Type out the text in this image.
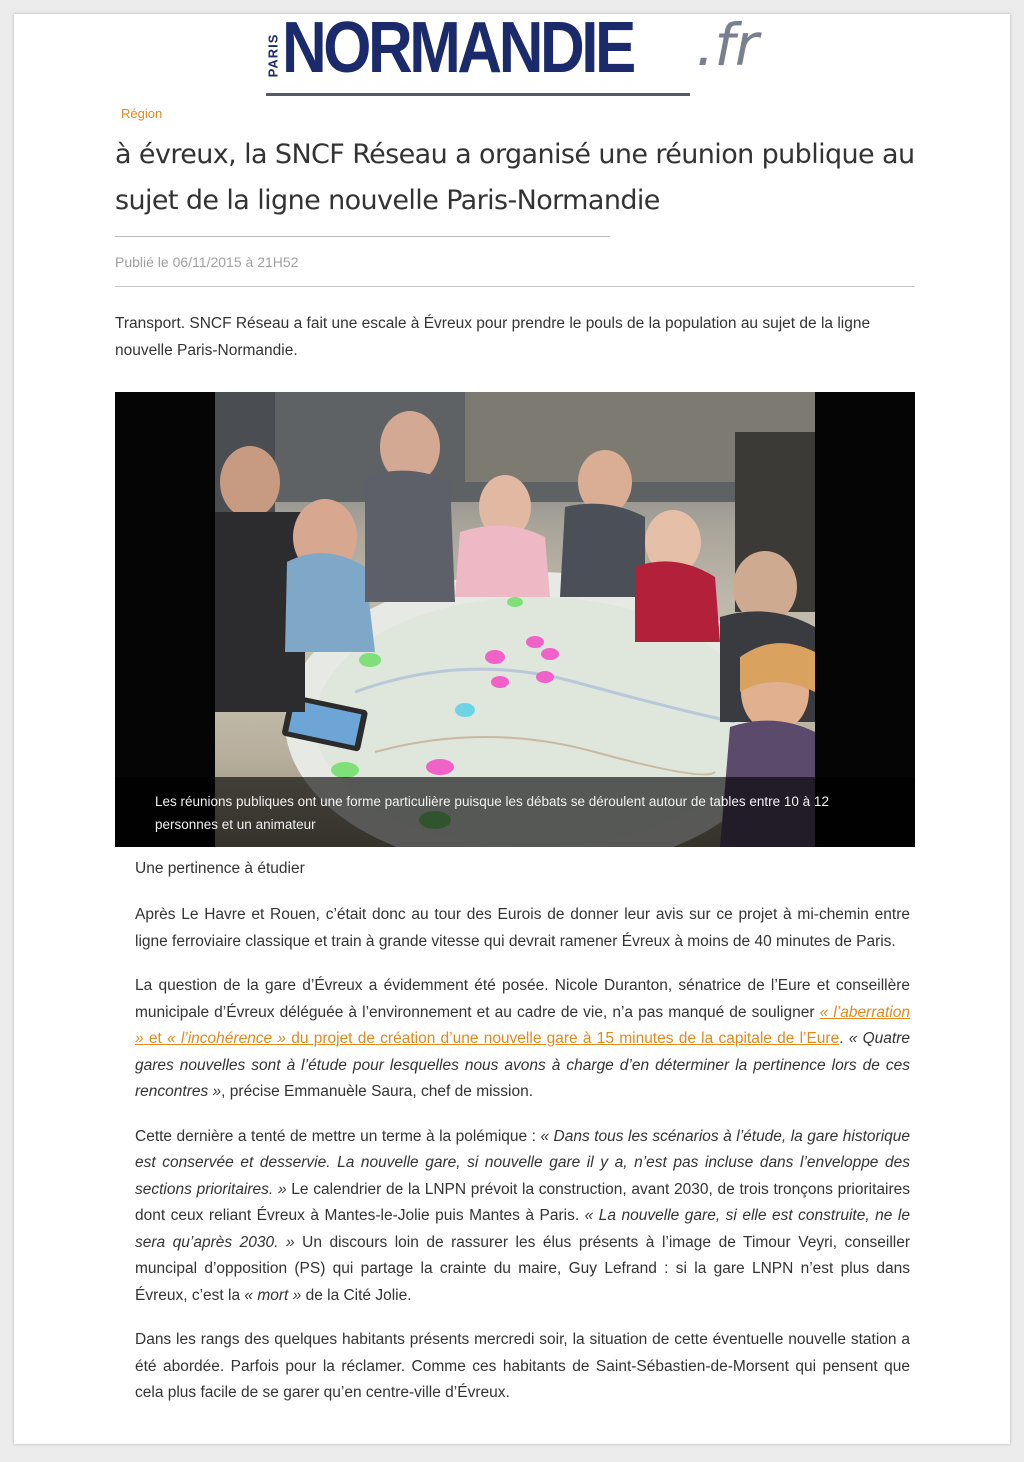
PARIS NORMANDIE .fr
Région
à évreux, la SNCF Réseau a organisé une réunion publique au sujet de la ligne nouvelle Paris-Normandie
Publié le 06/11/2015 à 21H52

Transport. SNCF Réseau a fait une escale à Évreux pour prendre le pouls de la population au sujet de la ligne nouvelle Paris-Normandie.

Les réunions publiques ont une forme particulière puisque les débats se déroulent autour de tables entre 10 à 12 personnes et un animateur

Une pertinence à étudier

Après Le Havre et Rouen, c’était donc au tour des Eurois de donner leur avis sur ce projet à mi-chemin entre ligne ferroviaire classique et train à grande vitesse qui devrait ramener Évreux à moins de 40 minutes de Paris.

La question de la gare d’Évreux a évidemment été posée. Nicole Duranton, sénatrice de l’Eure et conseillère municipale d’Évreux déléguée à l’environnement et au cadre de vie, n’a pas manqué de souligner « l’aberration » et « l’incohérence » du projet de création d’une nouvelle gare à 15 minutes de la capitale de l’Eure. « Quatre gares nouvelles sont à l’étude pour lesquelles nous avons à charge d’en déterminer la pertinence lors de ces rencontres », précise Emmanuèle Saura, chef de mission.

Cette dernière a tenté de mettre un terme à la polémique : « Dans tous les scénarios à l’étude, la gare historique est conservée et desservie. La nouvelle gare, si nouvelle gare il y a, n’est pas incluse dans l’enveloppe des sections prioritaires. » Le calendrier de la LNPN prévoit la construction, avant 2030, de trois tronçons prioritaires dont ceux reliant Évreux à Mantes-le-Jolie puis Mantes à Paris. « La nouvelle gare, si elle est construite, ne le sera qu’après 2030. » Un discours loin de rassurer les élus présents à l’image de Timour Veyri, conseiller muncipal d’opposition (PS) qui partage la crainte du maire, Guy Lefrand : si la gare LNPN n’est plus dans Évreux, c’est la « mort » de la Cité Jolie.

Dans les rangs des quelques habitants présents mercredi soir, la situation de cette éventuelle nouvelle station a été abordée. Parfois pour la réclamer. Comme ces habitants de Saint-Sébastien-de-Morsent qui pensent que cela plus facile de se garer qu’en centre-ville d’Évreux.
